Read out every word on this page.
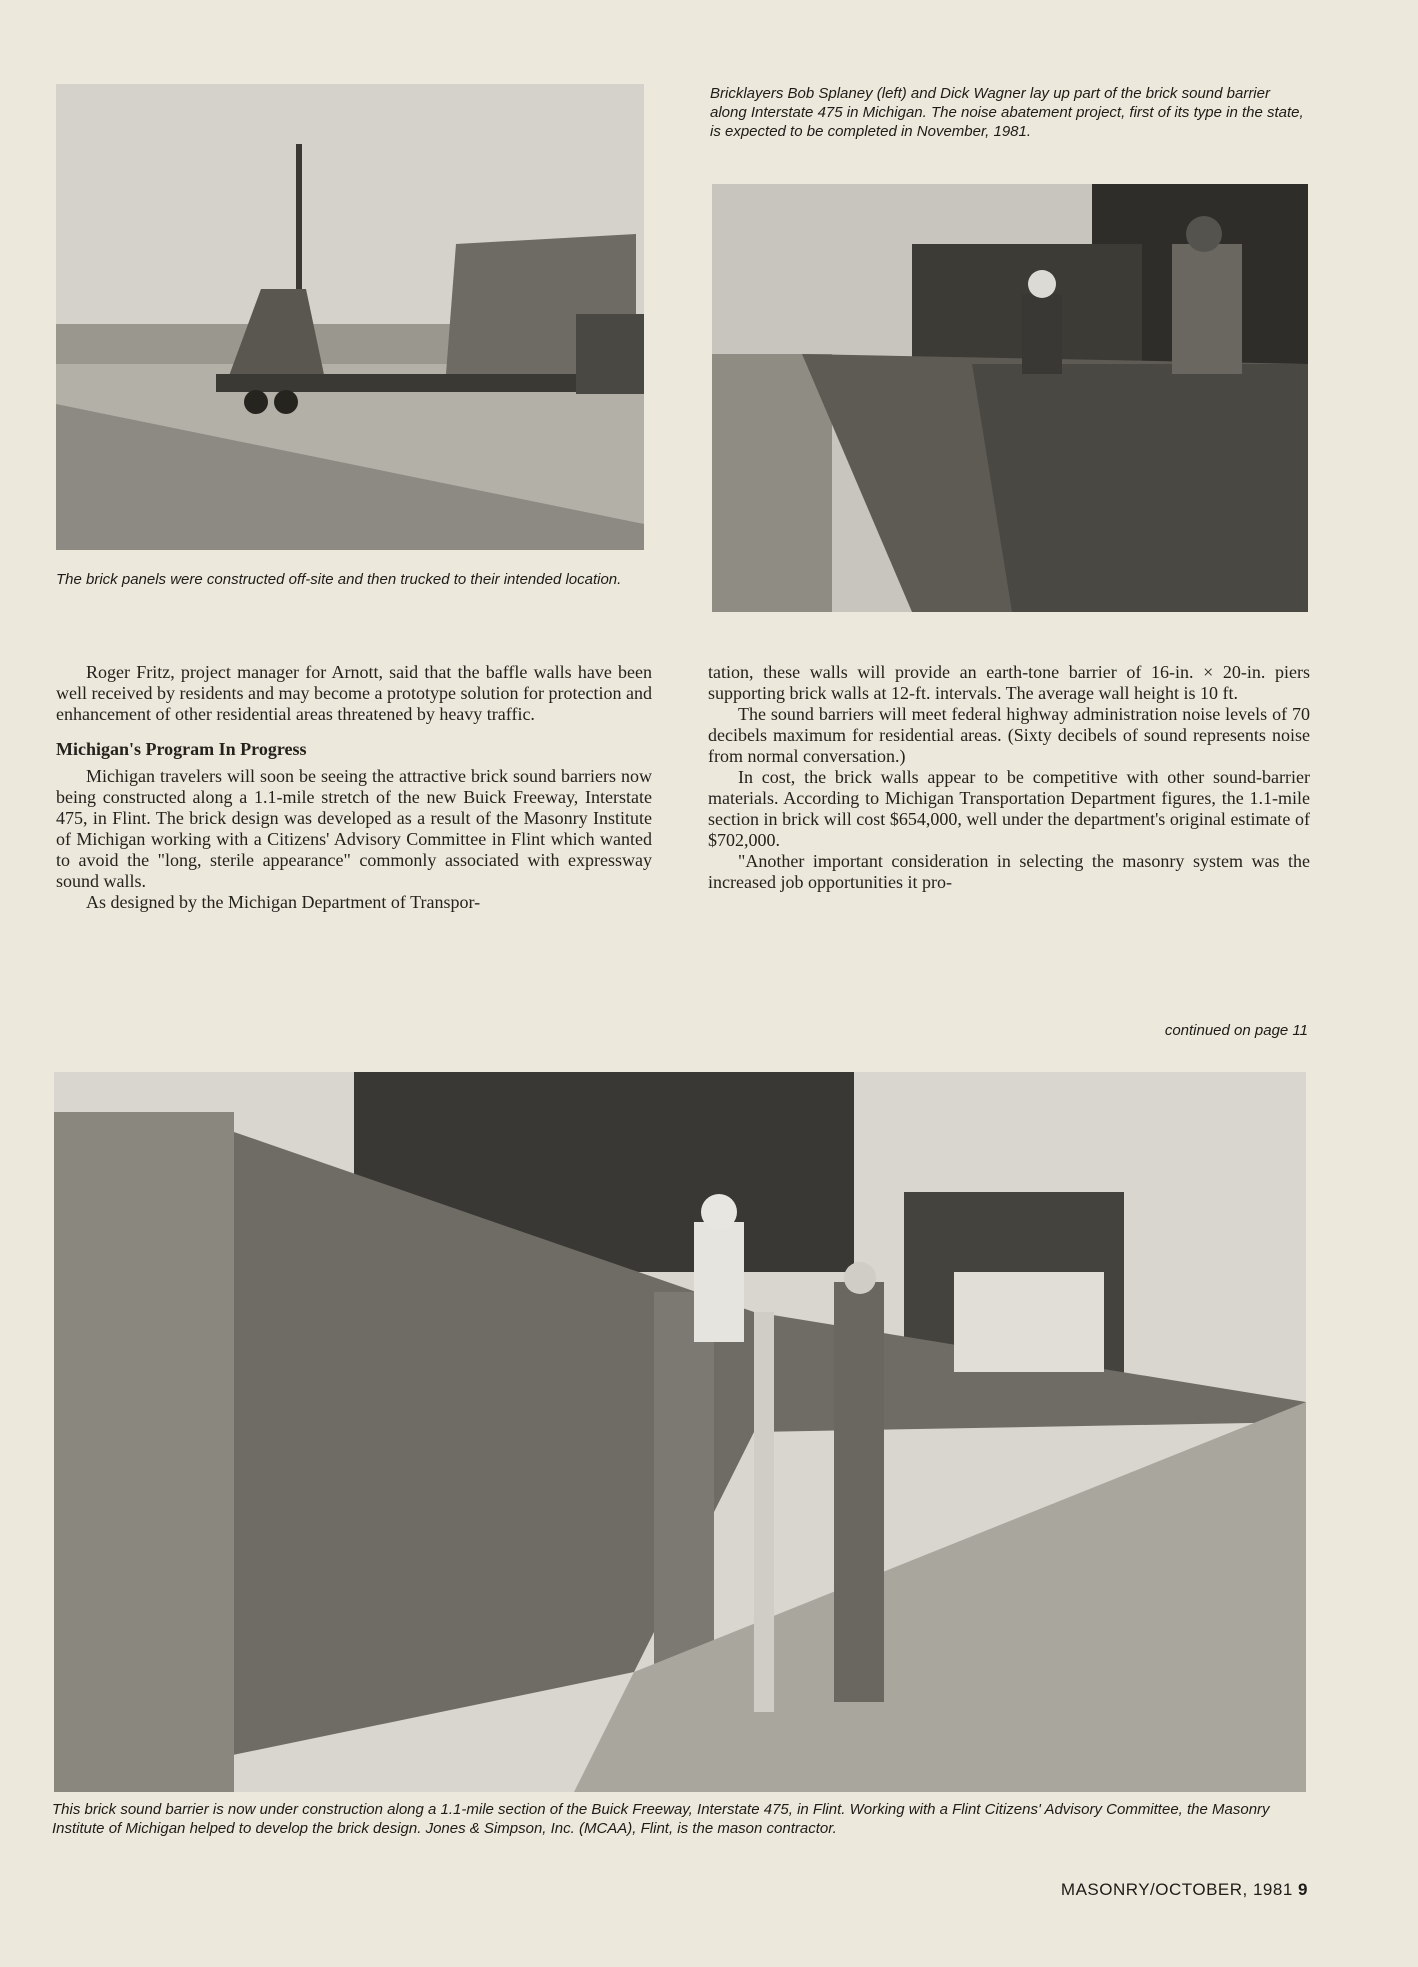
The brick panels were constructed off-site and then trucked to their intended location.
Bricklayers Bob Splaney (left) and Dick Wagner lay up part of the brick sound barrier along Interstate 475 in Michigan. The noise abatement project, first of its type in the state, is expected to be completed in November, 1981.

Roger Fritz, project manager for Arnott, said that the baffle walls have been well received by residents and may become a prototype solution for protection and enhancement of other residential areas threatened by heavy traffic.

Michigan's Program In Progress

Michigan travelers will soon be seeing the attractive brick sound barriers now being constructed along a 1.1-mile stretch of the new Buick Freeway, Interstate 475, in Flint. The brick design was developed as a result of the Masonry Institute of Michigan working with a Citizens' Advisory Committee in Flint which wanted to avoid the "long, sterile appearance" commonly associated with expressway sound walls.

As designed by the Michigan Department of Transpor-

tation, these walls will provide an earth-tone barrier of 16-in. × 20-in. piers supporting brick walls at 12-ft. intervals. The average wall height is 10 ft.

The sound barriers will meet federal highway administration noise levels of 70 decibels maximum for residential areas. (Sixty decibels of sound represents noise from normal conversation.)

In cost, the brick walls appear to be competitive with other sound-barrier materials. According to Michigan Transportation Department figures, the 1.1-mile section in brick will cost $654,000, well under the department's original estimate of $702,000.

"Another important consideration in selecting the masonry system was the increased job opportunities it pro-

continued on page 11
This brick sound barrier is now under construction along a 1.1-mile section of the Buick Freeway, Interstate 475, in Flint. Working with a Flint Citizens' Advisory Committee, the Masonry Institute of Michigan helped to develop the brick design. Jones & Simpson, Inc. (MCAA), Flint, is the mason contractor.
MASONRY/OCTOBER, 1981 9
